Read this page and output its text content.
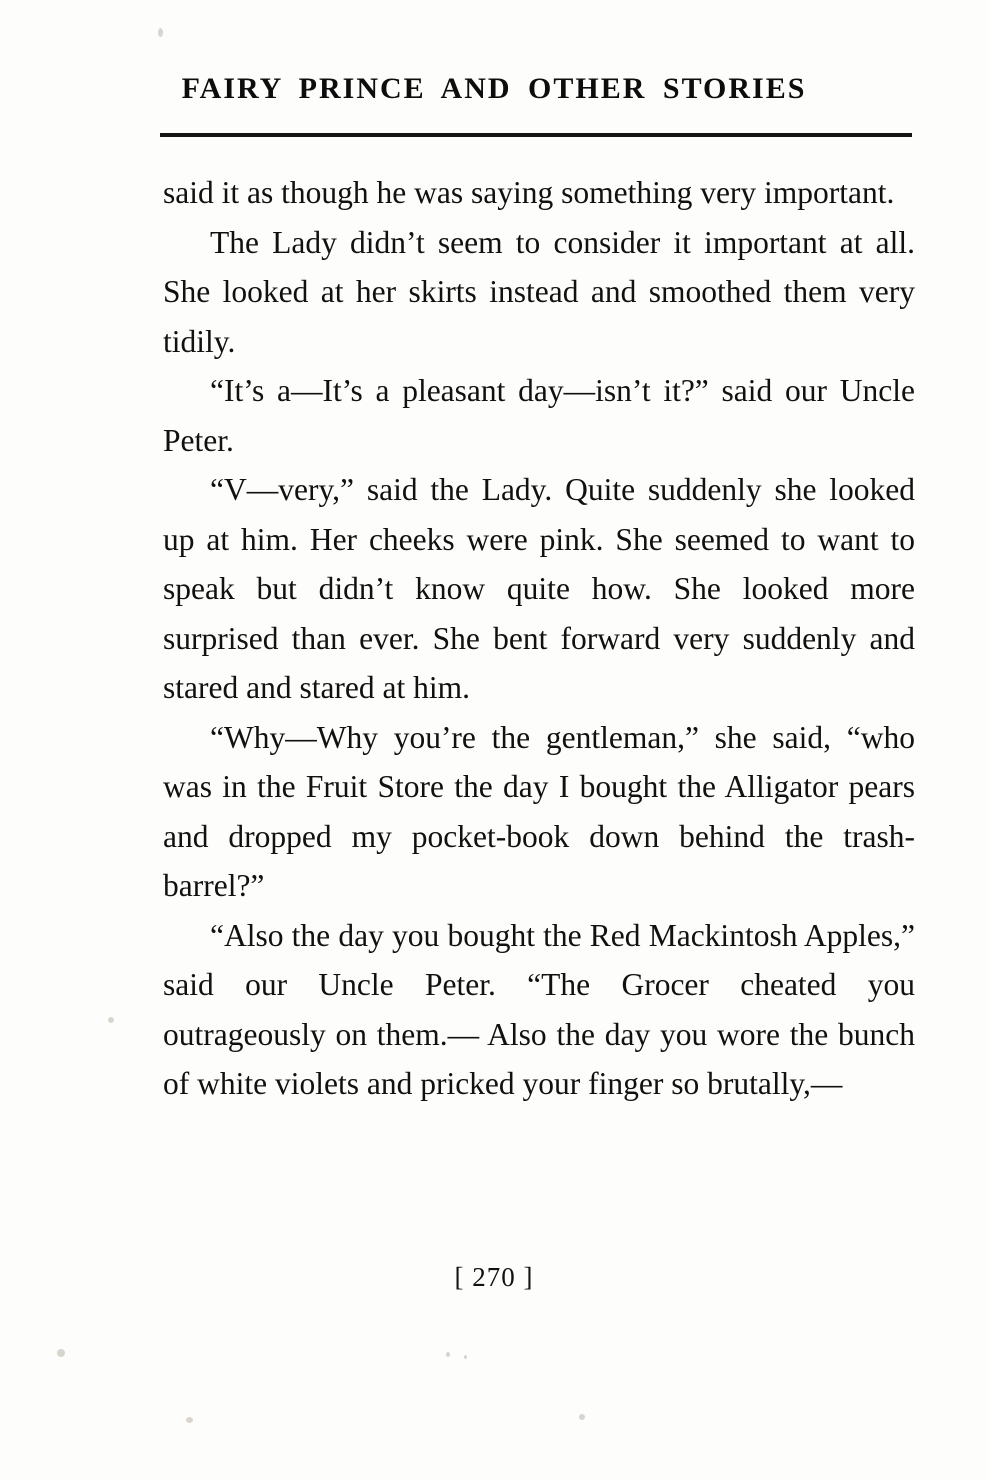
FAIRY PRINCE AND OTHER STORIES

said it as though he was saying something very important.

The Lady didn’t seem to consider it important at all. She looked at her skirts instead and smoothed them very tidily.

“It’s a—It’s a pleasant day—isn’t it?” said our Uncle Peter.

“V—very,” said the Lady. Quite suddenly she looked up at him. Her cheeks were pink. She seemed to want to speak but didn’t know quite how. She looked more surprised than ever. She bent forward very suddenly and stared and stared at him.

“Why—Why you’re the gentleman,” she said, “who was in the Fruit Store the day I bought the Alligator pears and dropped my pocket-book down behind the trash-barrel?”

“Also the day you bought the Red Mackintosh Apples,” said our Uncle Peter. “The Grocer cheated you outrageously on them.— Also the day you wore the bunch of white violets and pricked your finger so brutally,—

[ 270 ]
